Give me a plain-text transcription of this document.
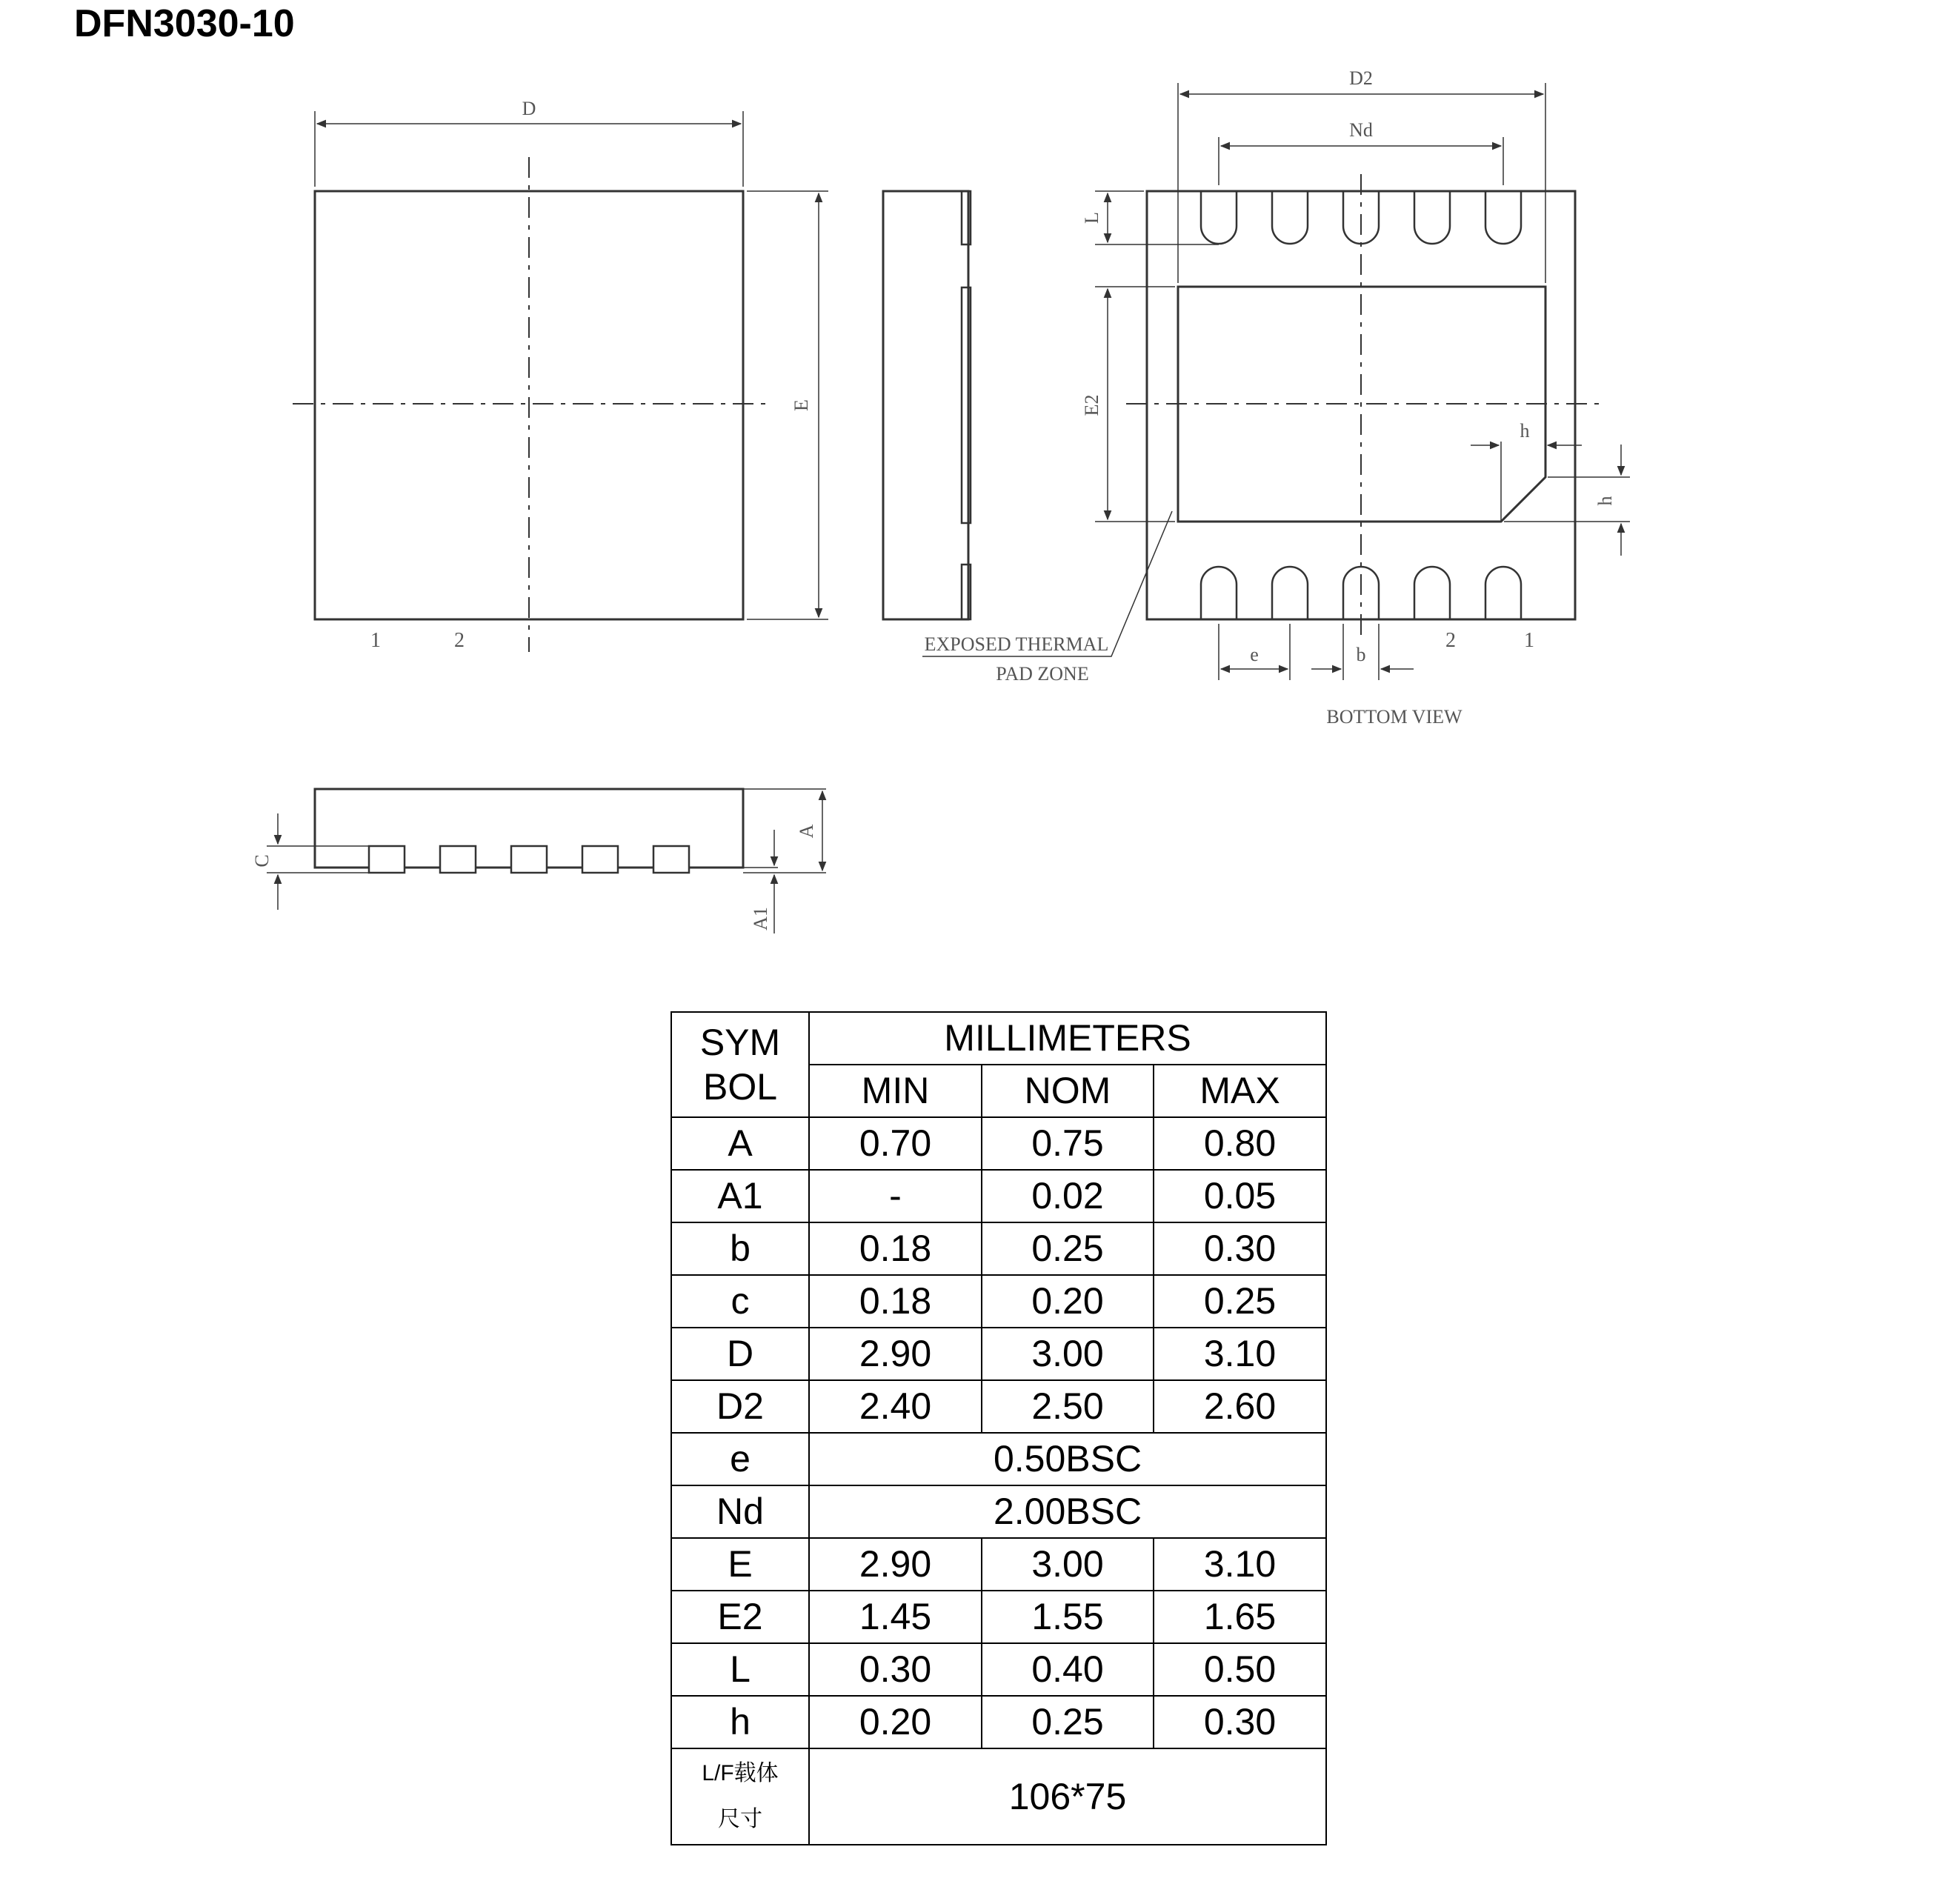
DFN3030-10
D
E
1	2
D2
Nd
L
E2
h
h
e	b
2	1
EXPOSED THERMAL
PAD ZONE
BOTTOM VIEW
A
A1
C
SYM
BOL	MILLIMETERS		
	MIN	NOM	MAX
A	0.70	0.75	0.80
A1	-	0.02	0.05
b	0.18	0.25	0.30
c	0.18	0.20	0.25
D	2.90	3.00	3.10
D2	2.40	2.50	2.60
e	0.50BSC		
Nd	2.00BSC		
E	2.90	3.00	3.10
E2	1.45	1.55	1.65
L	0.30	0.40	0.50
h	0.20	0.25	0.30

L/F载体
尺寸	106*75		
